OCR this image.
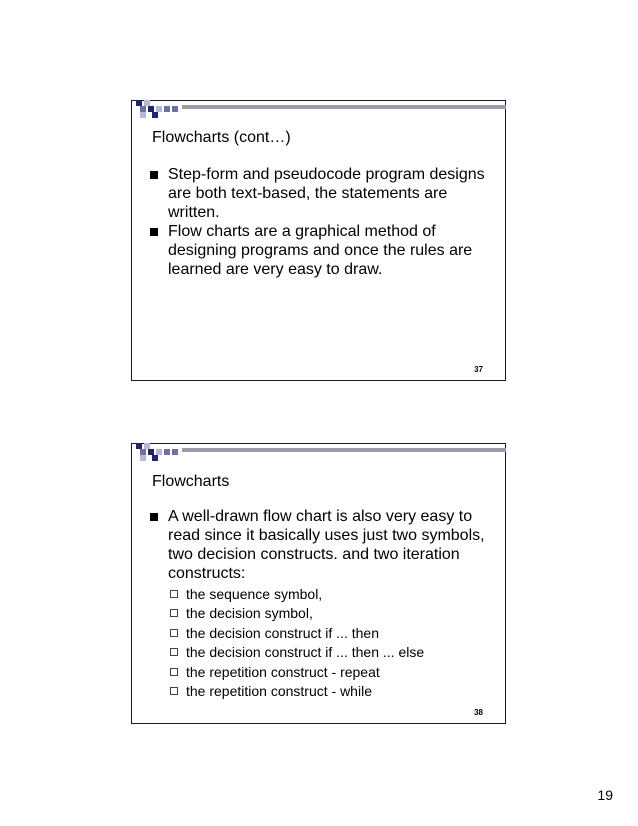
Flowcharts (cont…)
Step-form and pseudocode program designs are both text-based, the statements are written.
Flow charts are a graphical method of designing programs and once the rules are learned are very easy to draw.
37
Flowcharts
A well-drawn flow chart is also very easy to read since it basically uses just two symbols, two decision constructs. and two iteration constructs:
the sequence symbol,
the decision symbol,
the decision construct if ... then
the decision construct if ... then ... else
the repetition construct - repeat
the repetition construct - while
38
19
